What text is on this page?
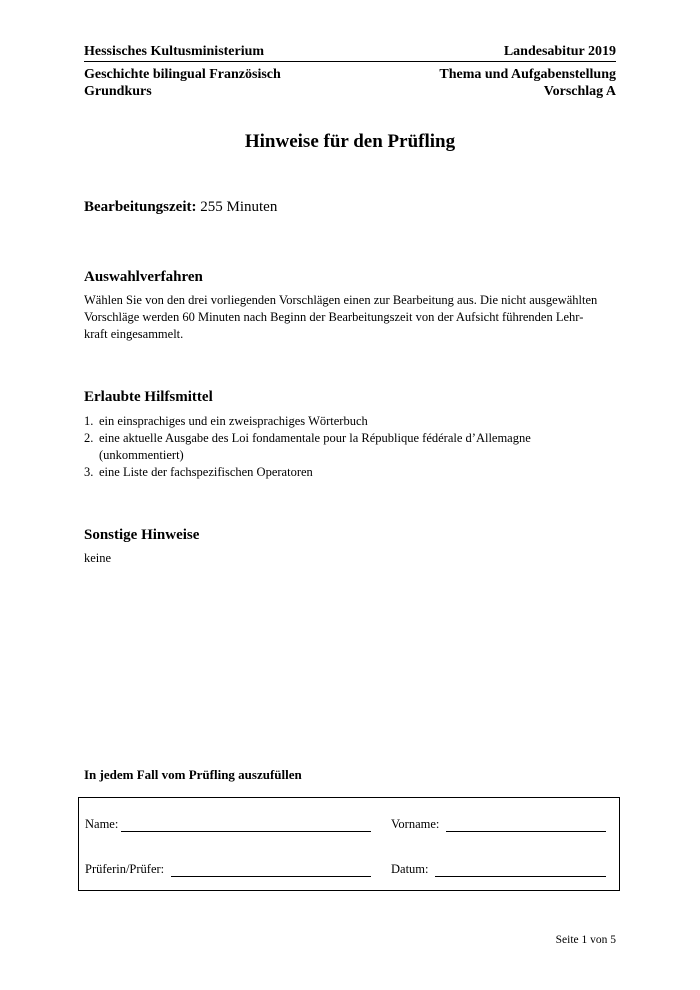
Hessisches Kultusministerium	Landesabitur 2019
Geschichte bilingual Französisch
Grundkurs
Thema und Aufgabenstellung
Vorschlag A
Hinweise für den Prüfling
Bearbeitungszeit: 255 Minuten
Auswahlverfahren
Wählen Sie von den drei vorliegenden Vorschlägen einen zur Bearbeitung aus. Die nicht ausgewählten
Vorschläge werden 60 Minuten nach Beginn der Bearbeitungszeit von der Aufsicht führenden Lehr-
kraft eingesammelt.
Erlaubte Hilfsmittel
1. ein einsprachiges und ein zweisprachiges Wörterbuch
2. eine aktuelle Ausgabe des Loi fondamentale pour la République fédérale d’Allemagne
(unkommentiert)
3. eine Liste der fachspezifischen Operatoren
Sonstige Hinweise
keine
In jedem Fall vom Prüfling auszufüllen
Name:	Vorname:
Prüferin/Prüfer:	Datum:
Seite 1 von 5
